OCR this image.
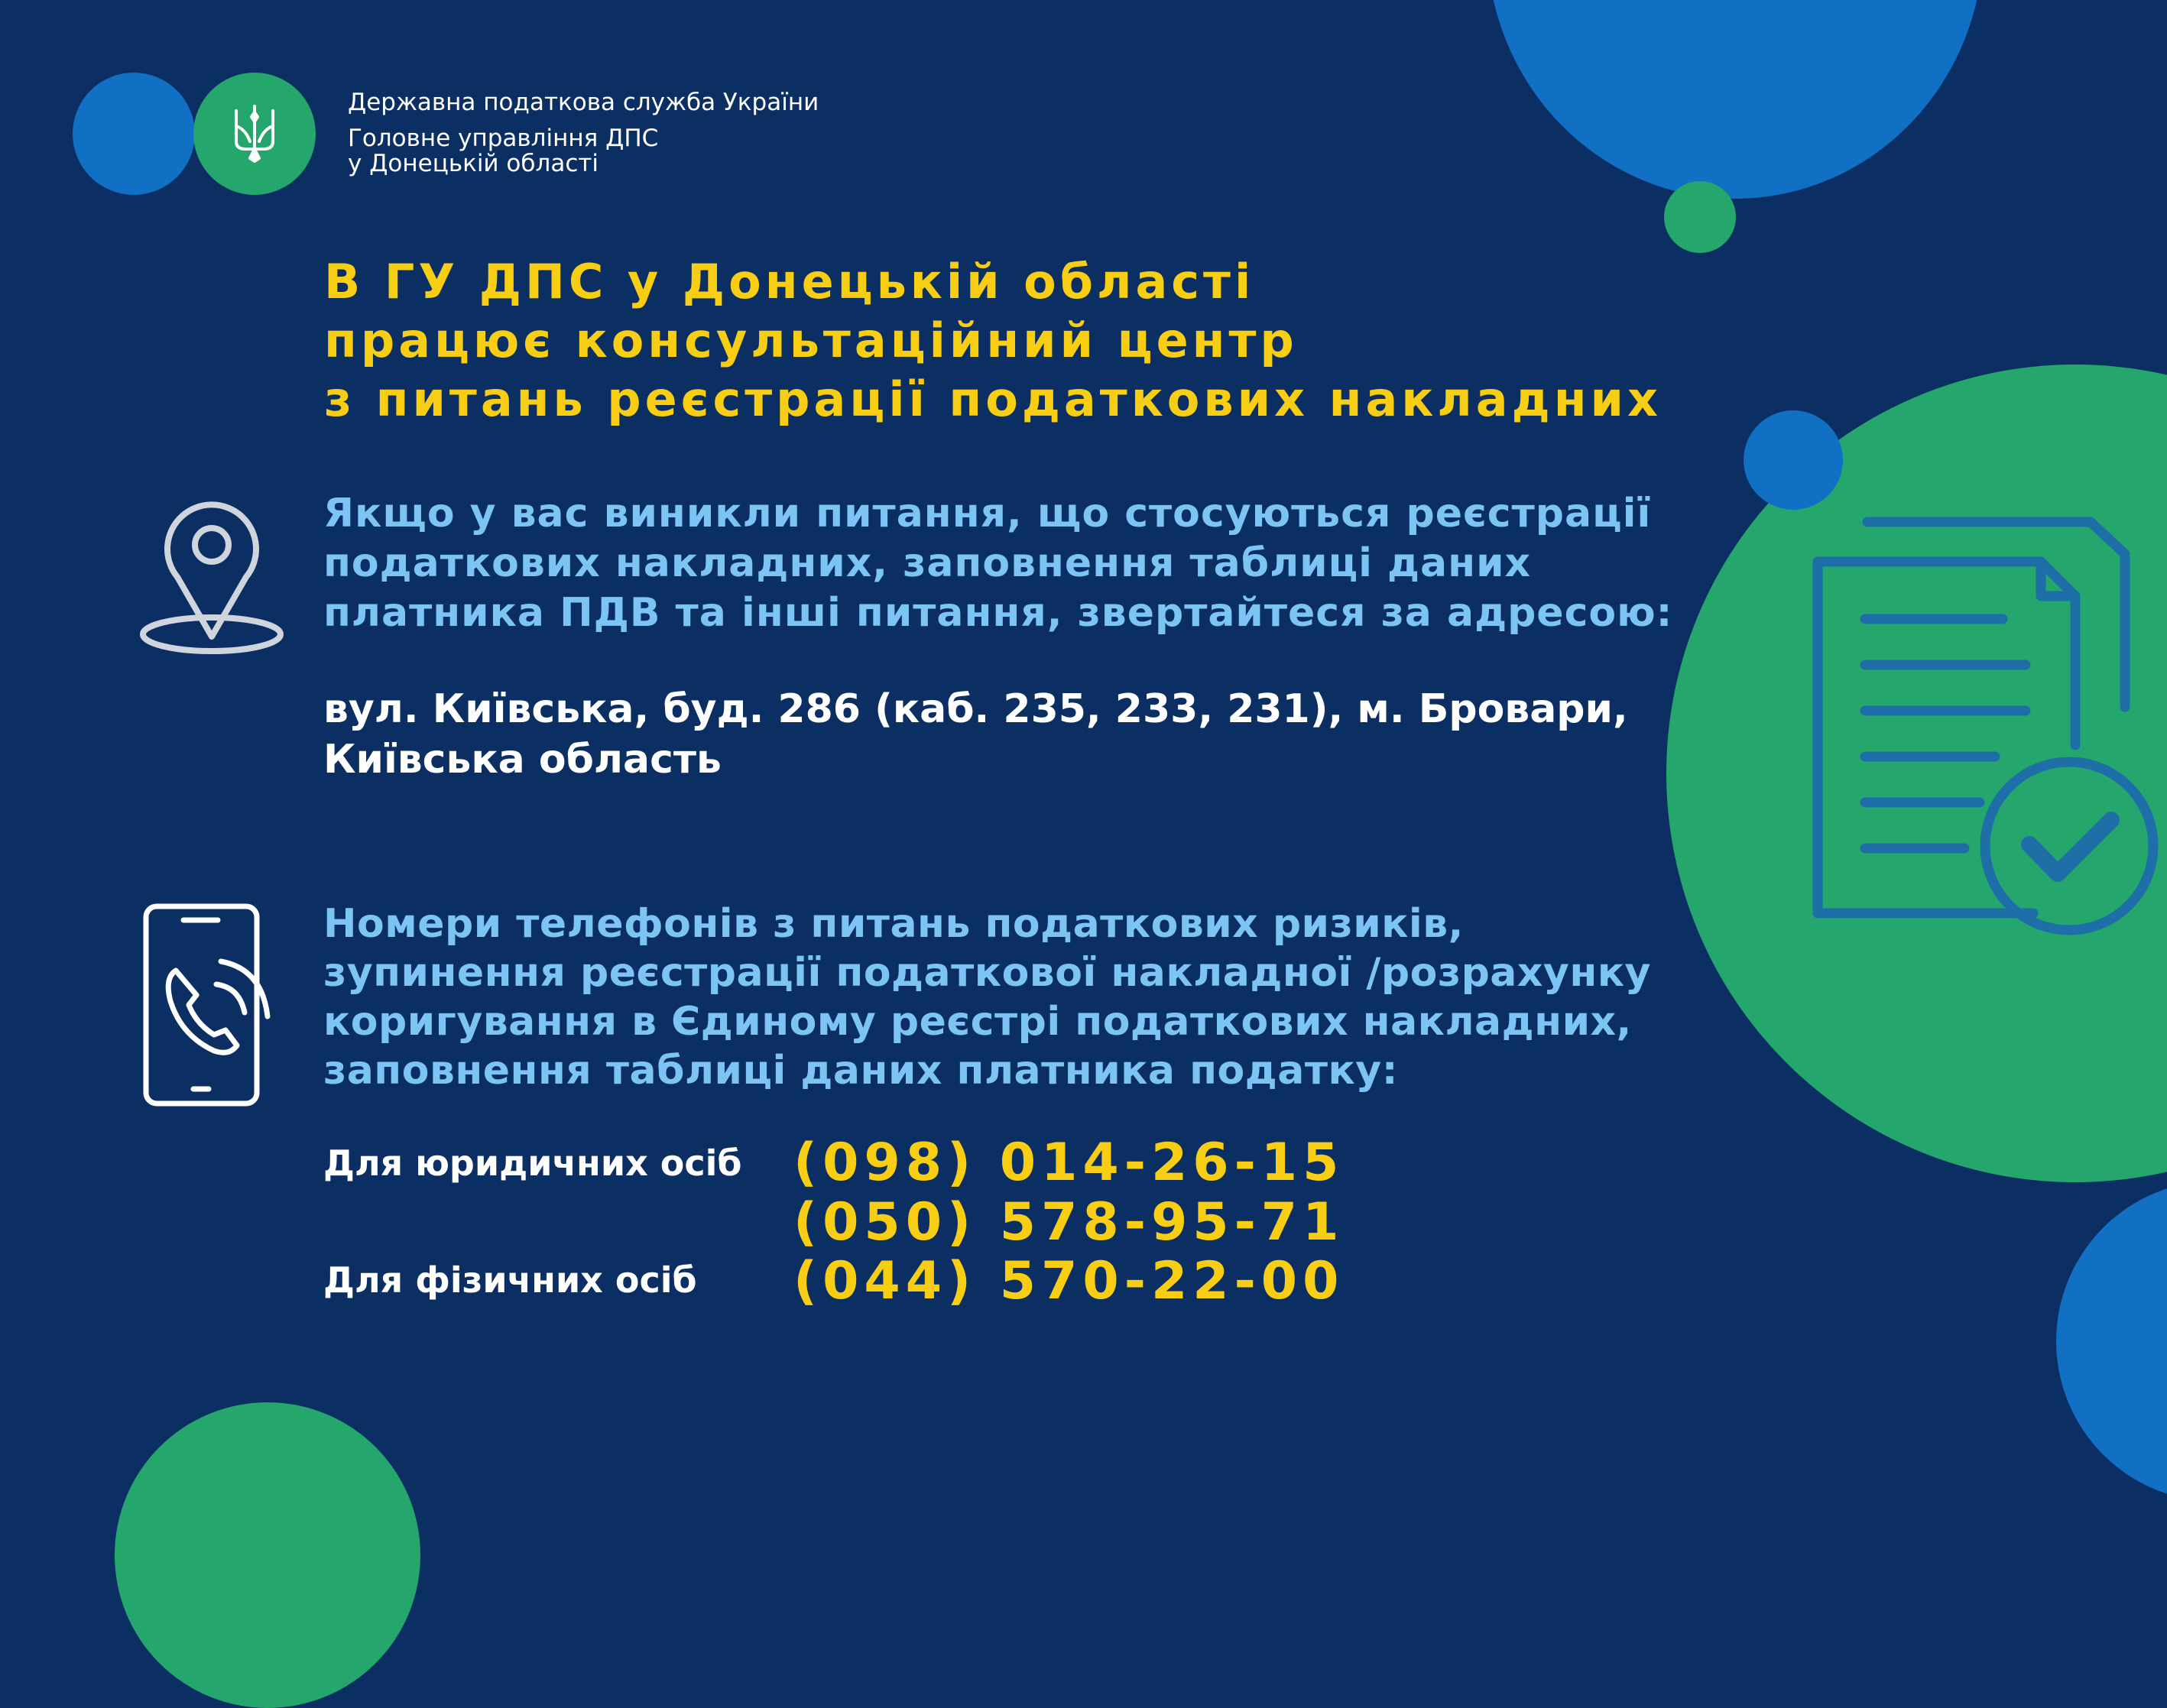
Державна податкова служба України
Головне управління ДПС
у Донецькій області
В ГУ ДПС у Донецькій області
працює консультаційний центр
з питань реєстрації податкових накладних
Якщо у вас виникли питання, що стосуються реєстрації
податкових накладних, заповнення таблиці даних
платника ПДВ та інші питання, звертайтеся за адресою:
вул. Київська, буд. 286 (каб. 235, 233, 231), м. Бровари,
Київська область
Номери телефонів з питань податкових ризиків,
зупинення реєстрації податкової накладної /розрахунку
коригування в Єдиному реєстрі податкових накладних,
заповнення таблиці даних платника податку:
Для юридичних осіб (098) 014-26-15
(050) 578-95-71
Для фізичних осіб (044) 570-22-00
